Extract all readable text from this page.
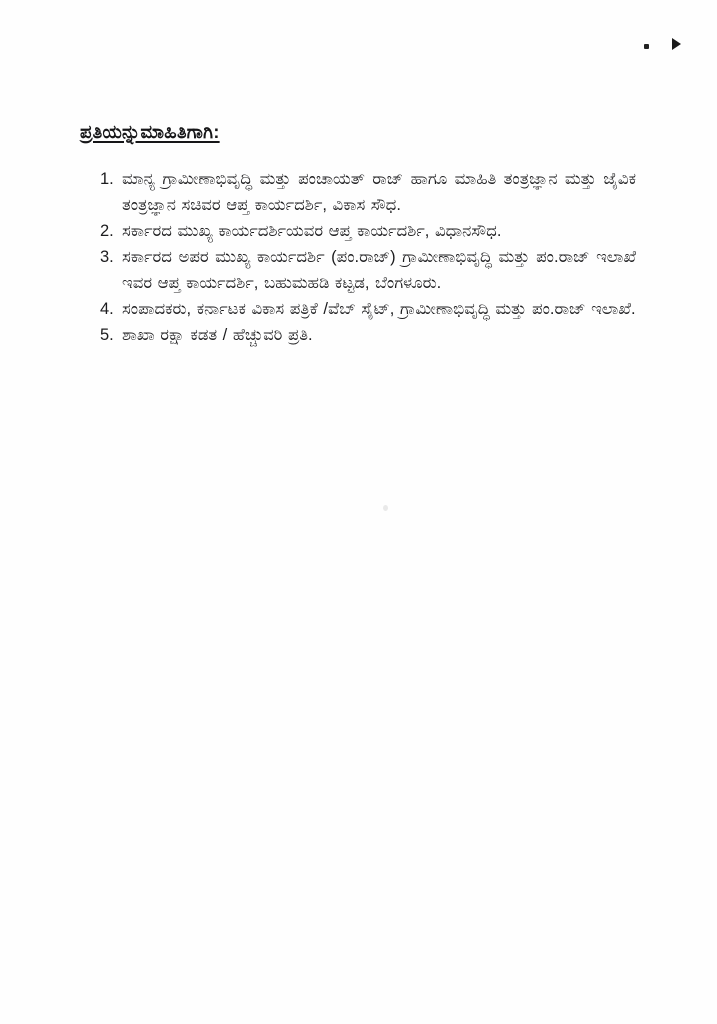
ಪ್ರತಿಯನ್ನುಮಾಹಿತಿಗಾಗಿ:
1. ಮಾನ್ಯ ಗ್ರಾಮೀಣಾಭಿವೃದ್ಧಿ ಮತ್ತು ಪಂಚಾಯತ್ ರಾಜ್ ಹಾಗೂ ಮಾಹಿತಿ ತಂತ್ರಜ್ಞಾನ ಮತ್ತು ಜೈವಿಕ ತಂತ್ರಜ್ಞಾನ ಸಚಿವರ ಆಪ್ತ ಕಾರ್ಯದರ್ಶಿ, ವಿಕಾಸ ಸೌಧ.
2. ಸರ್ಕಾರದ ಮುಖ್ಯ ಕಾರ್ಯದರ್ಶಿಯವರ ಆಪ್ತ ಕಾರ್ಯದರ್ಶಿ, ವಿಧಾನಸೌಧ.
3. ಸರ್ಕಾರದ ಅಪರ ಮುಖ್ಯ ಕಾರ್ಯದರ್ಶಿ (ಪಂ.ರಾಜ್) ಗ್ರಾಮೀಣಾಭಿವೃದ್ಧಿ ಮತ್ತು ಪಂ.ರಾಜ್ ಇಲಾಖೆ ಇವರ ಆಪ್ತ ಕಾರ್ಯದರ್ಶಿ, ಬಹುಮಹಡಿ ಕಟ್ಟಡ, ಬೆಂಗಳೂರು.
4. ಸಂಪಾದಕರು, ಕರ್ನಾಟಕ ವಿಕಾಸ ಪತ್ರಿಕೆ /ವೆಬ್ ಸೈಟ್, ಗ್ರಾಮೀಣಾಭಿವೃದ್ಧಿ ಮತ್ತು ಪಂ.ರಾಜ್ ಇಲಾಖೆ.
5. ಶಾಖಾ ರಕ್ಷಾ ಕಡತ / ಹೆಚ್ಚುವರಿ ಪ್ರತಿ.
